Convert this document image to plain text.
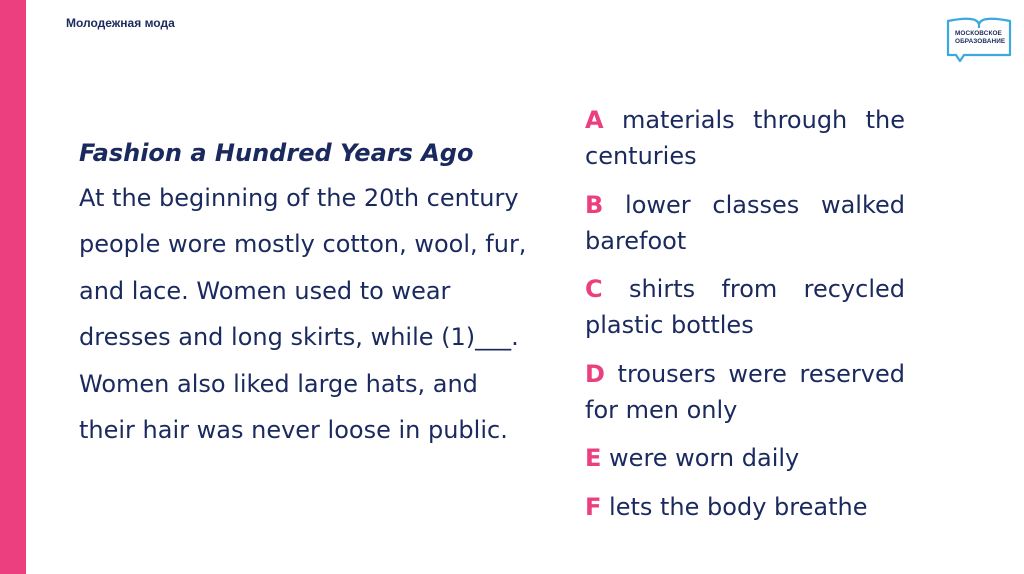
Молодежная мода
МОСКОВСКОЕ
ОБРАЗОВАНИЕ
Fashion a Hundred Years Ago
At the beginning of the 20th century people wore mostly cotton, wool, fur, and lace. Women used to wear dresses and long skirts, while (1)___. Women also liked large hats, and their hair was never loose in public.
A materials through the centuries
B lower classes walked barefoot
C shirts from recycled plastic bottles
D trousers were reserved for men only
E were worn daily
F lets the body breathe
